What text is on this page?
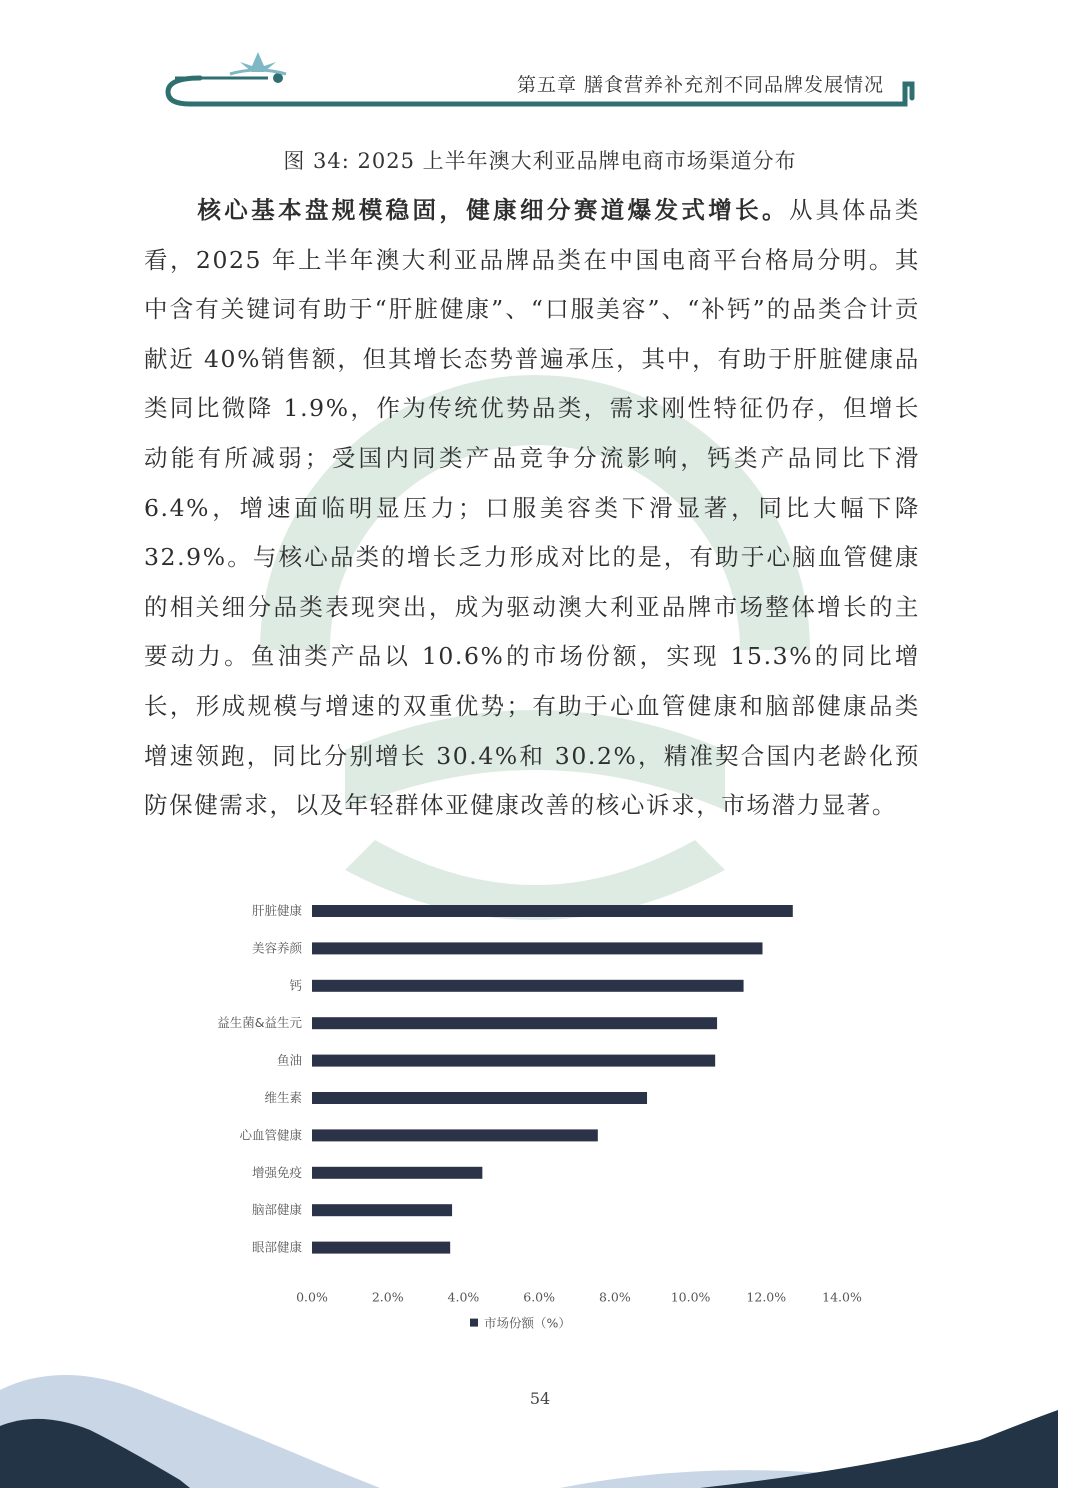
第五章 膳食营养补充剂不同品牌发展情况
图 34: 2025 上半年澳大利亚品牌电商市场渠道分布
核心基本盘规模稳固，健康细分赛道爆发式增长。从具体品类看，2025 年上半年澳大利亚品牌品类在中国电商平台格局分明。其中含有关键词有助于“肝脏健康”、“口服美容”、“补钙”的品类合计贡献近 40%销售额，但其增长态势普遍承压，其中，有助于肝脏健康品类同比微降 1.9%，作为传统优势品类，需求刚性特征仍存，但增长动能有所减弱；受国内同类产品竞争分流影响，钙类产品同比下滑 6.4%，增速面临明显压力；口服美容类下滑显著，同比大幅下降 32.9%。与核心品类的增长乏力形成对比的是，有助于心脑血管健康的相关细分品类表现突出，成为驱动澳大利亚品牌市场整体增长的主要动力。鱼油类产品以 10.6%的市场份额，实现 15.3%的同比增长，形成规模与增速的双重优势；有助于心血管健康和脑部健康品类增速领跑，同比分别增长 30.4%和 30.2%，精准契合国内老龄化预防保健需求，以及年轻群体亚健康改善的核心诉求，市场潜力显著。
肝脏健康
美容养颜
钙
益生菌&益生元
鱼油
维生素
心血管健康
增强免疫
脑部健康
眼部健康
0.0%	2.0%	4.0%	6.0%	8.0%	10.0%	12.0%	14.0%
市场份额（%）
54
